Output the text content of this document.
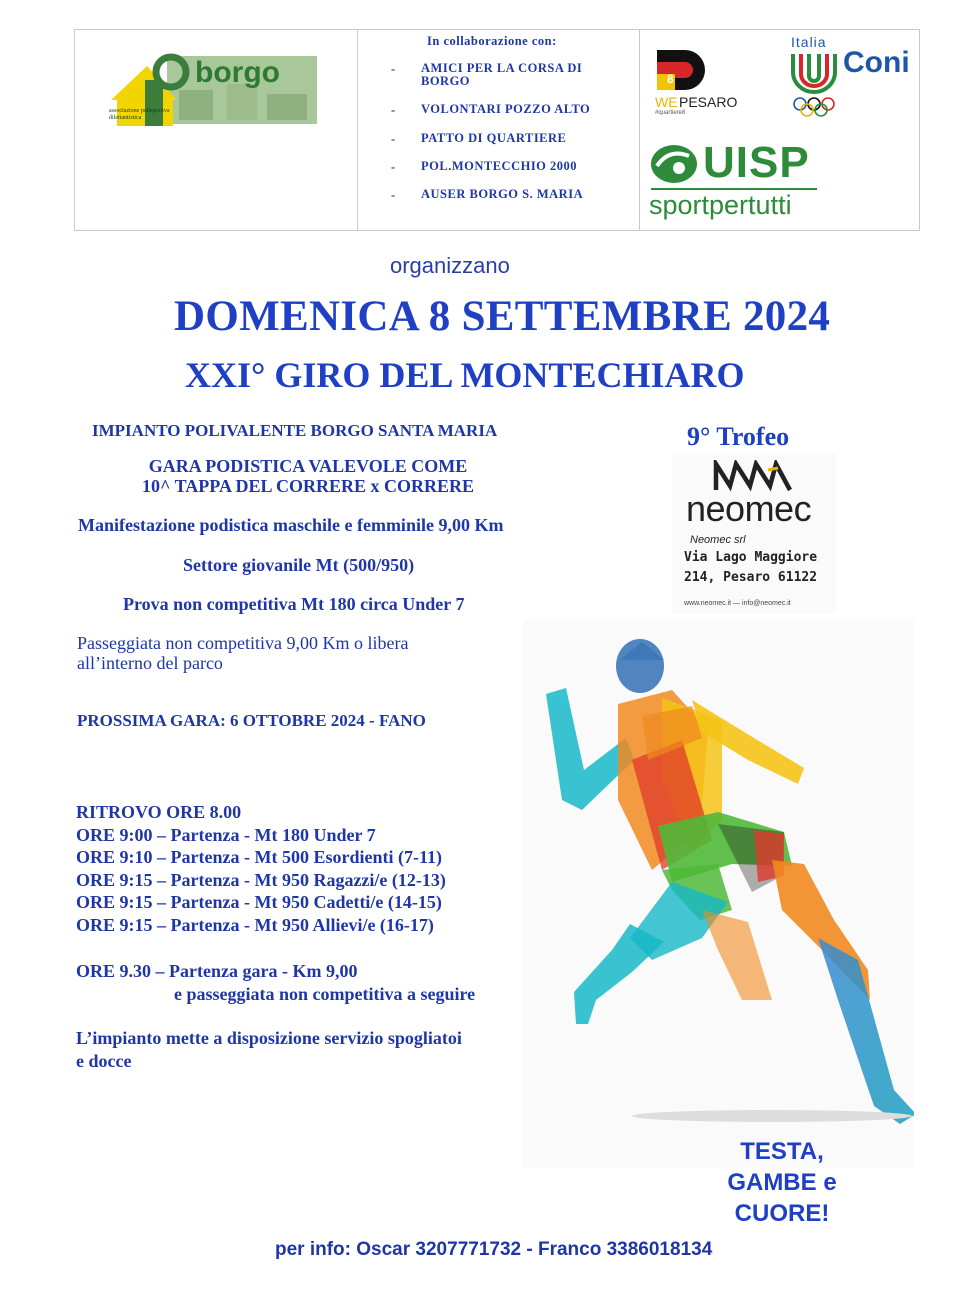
borgo
associazione polisportiva dilettantistica
In collaborazione con:
- AMICI PER LA CORSA DI BORGO
- VOLONTARI POZZO ALTO
- PATTO DI QUARTIERE
- POL.MONTECCHIO 2000
- AUSER BORGO S. MARIA
8
WE PESARO
#quartiere8
Italia
Coni
UISP
sportpertutti
organizzano
DOMENICA 8 SETTEMBRE 2024
XXI° GIRO DEL MONTECHIARO
IMPIANTO POLIVALENTE BORGO SANTA MARIA
GARA PODISTICA VALEVOLE COME
10^ TAPPA DEL CORRERE x CORRERE
Manifestazione podistica maschile e femminile 9,00 Km
Settore giovanile Mt (500/950)
Prova non competitiva Mt 180 circa Under 7
Passeggiata non competitiva 9,00 Km o libera
all’interno del parco
PROSSIMA GARA: 6 OTTOBRE 2024 - FANO
RITROVO ORE 8.00
ORE 9:00 – Partenza - Mt 180 Under 7
ORE 9:10 – Partenza - Mt 500 Esordienti (7-11)
ORE 9:15 – Partenza - Mt 950 Ragazzi/e (12-13)
ORE 9:15 – Partenza - Mt 950 Cadetti/e (14-15)
ORE 9:15 – Partenza - Mt 950 Allievi/e (16-17)
ORE 9.30 – Partenza gara - Km 9,00
e passeggiata non competitiva a seguire
L’impianto mette a disposizione servizio spogliatoi
e docce
9° Trofeo
neomec
Neomec srl
Via Lago Maggiore
214, Pesaro 61122
www.neomec.it — info@neomec.it
TESTA,
GAMBE e
CUORE!
per info: Oscar 3207771732 - Franco 3386018134
